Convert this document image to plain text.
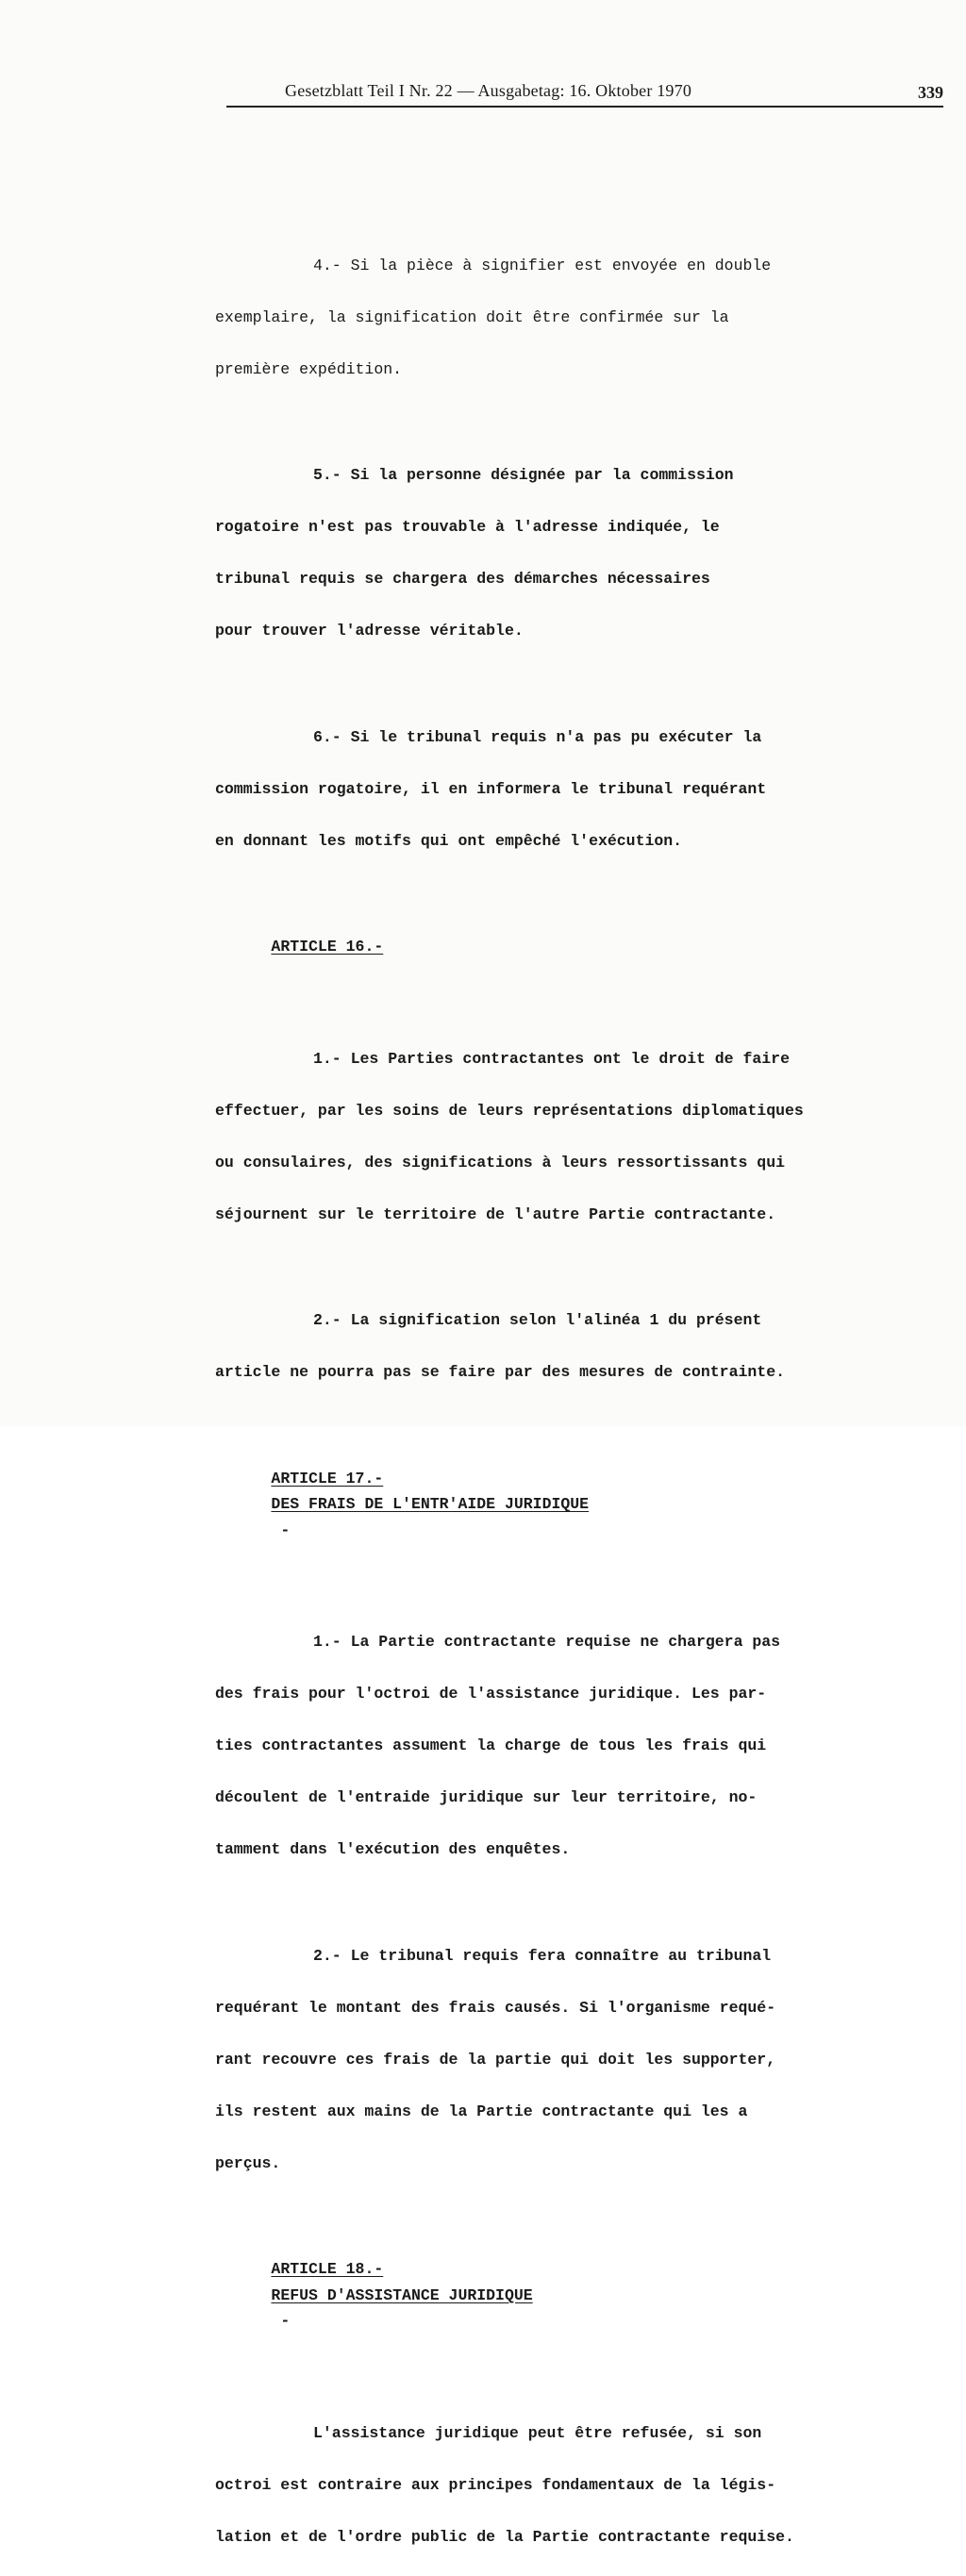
Gesetzblatt Teil I Nr. 22 — Ausgabetag: 16. Oktober 1970	339

4.- Si la pièce à signifier est envoyée en double

exemplaire, la signification doit être confirmée sur la

première expédition.

5.- Si la personne désignée par la commission

rogatoire n'est pas trouvable à l'adresse indiquée, le

tribunal requis se chargera des démarches nécessaires

pour trouver l'adresse véritable.

6.- Si le tribunal requis n'a pas pu exécuter la

commission rogatoire, il en informera le tribunal requérant

en donnant les motifs qui ont empêché l'exécution.

ARTICLE 16.-

1.- Les Parties contractantes ont le droit de faire

effectuer, par les soins de leurs représentations diplomatiques

ou consulaires, des significations à leurs ressortissants qui

séjournent sur le territoire de l'autre Partie contractante.

2.- La signification selon l'alinéa 1 du présent

article ne pourra pas se faire par des mesures de contrainte.

ARTICLE 17.-
DES FRAIS DE L'ENTR'AIDE JURIDIQUE
-

1.- La Partie contractante requise ne chargera pas

des frais pour l'octroi de l'assistance juridique. Les par-

ties contractantes assument la charge de tous les frais qui

découlent de l'entraide juridique sur leur territoire, no-

tamment dans l'exécution des enquêtes.

2.- Le tribunal requis fera connaître au tribunal

requérant le montant des frais causés. Si l'organisme requé-

rant recouvre ces frais de la partie qui doit les supporter,

ils restent aux mains de la Partie contractante qui les a

perçus.

ARTICLE 18.-
REFUS D'ASSISTANCE JURIDIQUE
-

L'assistance juridique peut être refusée, si son

octroi est contraire aux principes fondamentaux de la légis-

lation et de l'ordre public de la Partie contractante requise.
